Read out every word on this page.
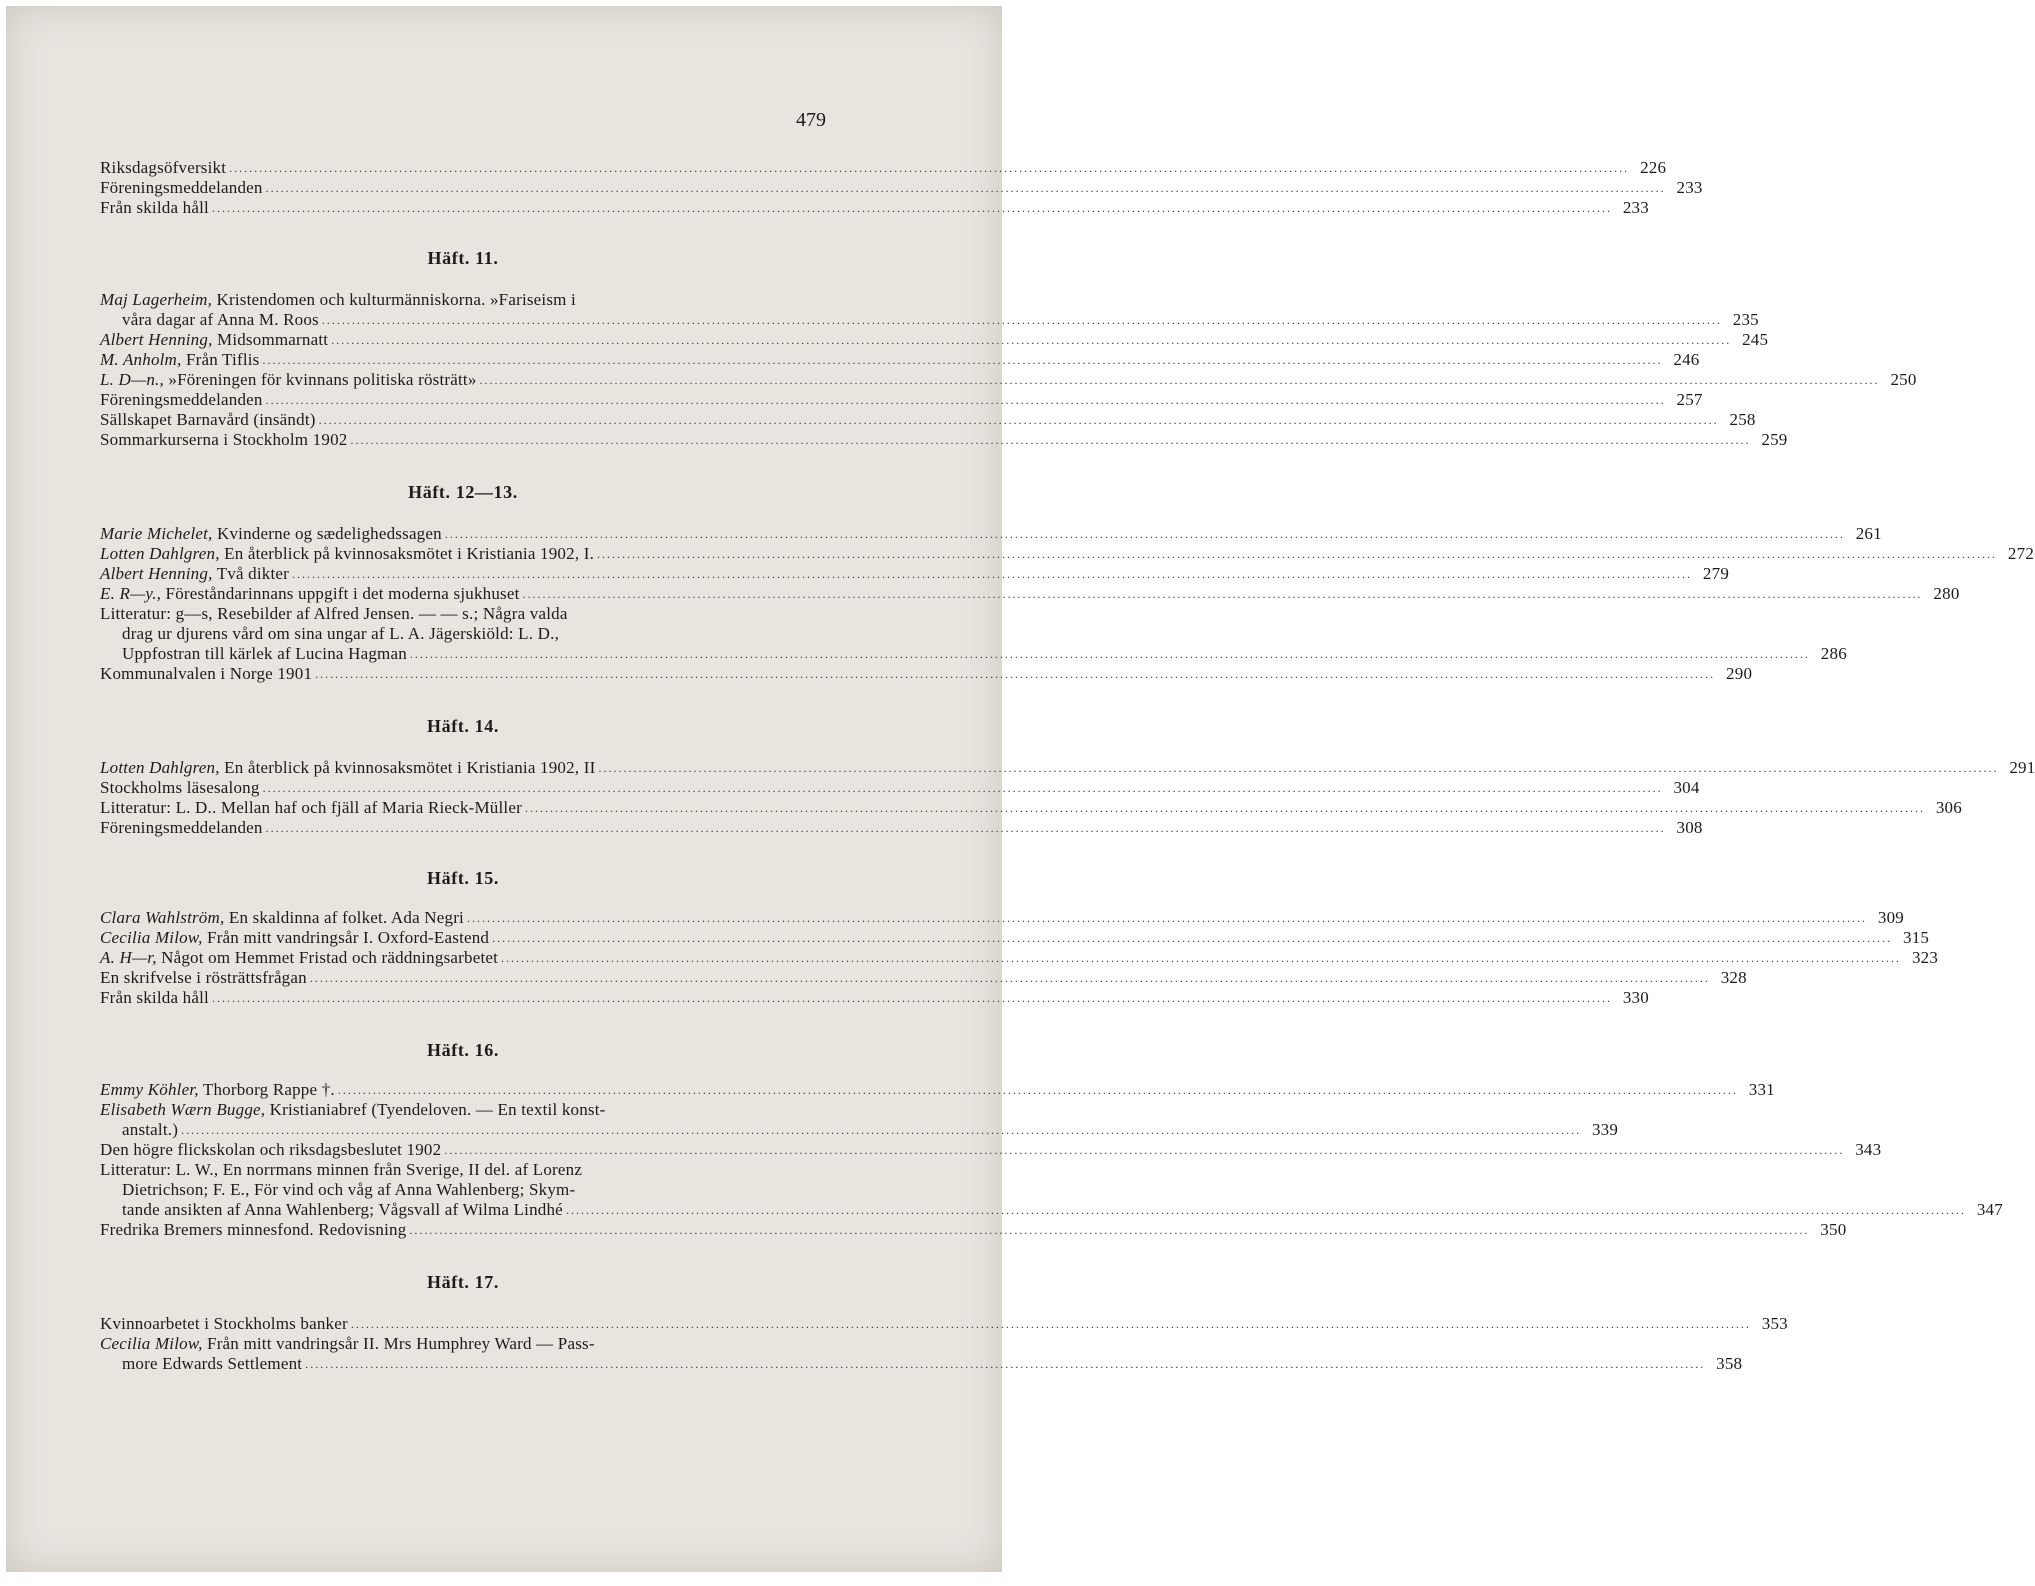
479
Riksdagsöfversikt .....	226
Föreningsmeddelanden .....	233
Från skilda håll .....	233
Häft. 11.
Maj Lagerheim, Kristendomen och kulturmänniskorna. »Fariseism i
våra dagar af Anna M. Roos .....	235
Albert Henning, Midsommarnatt .....	245
M. Anholm, Från Tiflis .....	246
L. D—n., »Föreningen för kvinnans politiska rösträtt» .....	250
Föreningsmeddelanden .....	257
Sällskapet Barnavård (insändt) .....	258
Sommarkurserna i Stockholm 1902 .....	259
Häft. 12—13.
Marie Michelet, Kvinderne og sædelighedssagen .....	261
Lotten Dahlgren, En återblick på kvinnosaksmötet i Kristiania 1902, I. .....	272
Albert Henning, Två dikter .....	279
E. R—y., Föreståndarinnans uppgift i det moderna sjukhuset .....	280
Litteratur: g—s, Resebilder af Alfred Jensen. — — s.; Några valda
drag ur djurens vård om sina ungar af L. A. Jägerskiöld: L. D.,
Uppfostran till kärlek af Lucina Hagman .....	286
Kommunalvalen i Norge 1901 .....	290
Häft. 14.
Lotten Dahlgren, En återblick på kvinnosaksmötet i Kristiania 1902, II .....	291
Stockholms läsesalong .....	304
Litteratur: L. D.. Mellan haf och fjäll af Maria Rieck-Müller .....	306
Föreningsmeddelanden .....	308
Häft. 15.
Clara Wahlström, En skaldinna af folket. Ada Negri .....	309
Cecilia Milow, Från mitt vandringsår I. Oxford-Eastend .....	315
A. H—r, Något om Hemmet Fristad och räddningsarbetet .....	323
En skrifvelse i rösträttsfrågan .....	328
Från skilda håll .....	330
Häft. 16.
Emmy Köhler, Thorborg Rappe †. .....	331
Elisabeth Wærn Bugge, Kristianiabref (Tyendeloven. — En textil konst-
anstalt.) .....	339
Den högre flickskolan och riksdagsbeslutet 1902 .....	343
Litteratur: L. W., En norrmans minnen från Sverige, II del. af Lorenz
Dietrichson; F. E., För vind och våg af Anna Wahlenberg; Skym-
tande ansikten af Anna Wahlenberg; Vågsvall af Wilma Lindhé .....	347
Fredrika Bremers minnesfond. Redovisning .....	350
Häft. 17.
Kvinnoarbetet i Stockholms banker .....	353
Cecilia Milow, Från mitt vandringsår II. Mrs Humphrey Ward — Pass-
more Edwards Settlement .....	358
